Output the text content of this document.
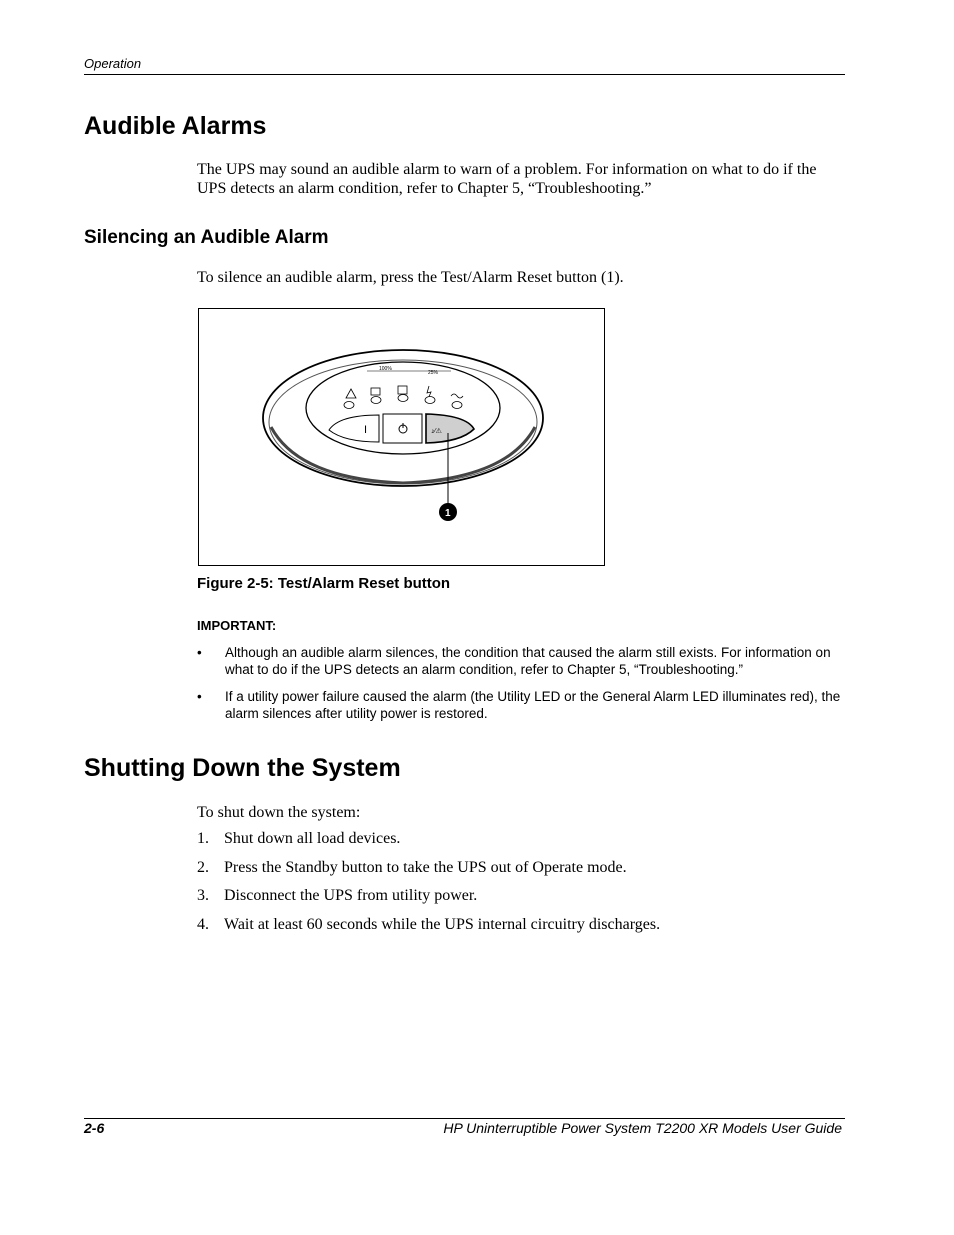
Operation
Audible Alarms

The UPS may sound an audible alarm to warn of a problem. For information on what to do if the UPS detects an alarm condition, refer to Chapter 5, “Troubleshooting.”

Silencing an Audible Alarm

To silence an audible alarm, press the Test/Alarm Reset button (1).

100%
25%
I	♪⁄⚠
1
Figure 2-5: Test/Alarm Reset button
IMPORTANT:
• Although an audible alarm silences, the condition that caused the alarm still exists. For information on what to do if the UPS detects an alarm condition, refer to Chapter 5, “Troubleshooting.”
• If a utility power failure caused the alarm (the Utility LED or the General Alarm LED illuminates red), the alarm silences after utility power is restored.
Shutting Down the System

To shut down the system:

1. Shut down all load devices.
2. Press the Standby button to take the UPS out of Operate mode.
3. Disconnect the UPS from utility power.
4. Wait at least 60 seconds while the UPS internal circuitry discharges.
2-6	HP Uninterruptible Power System T2200 XR Models User Guide
